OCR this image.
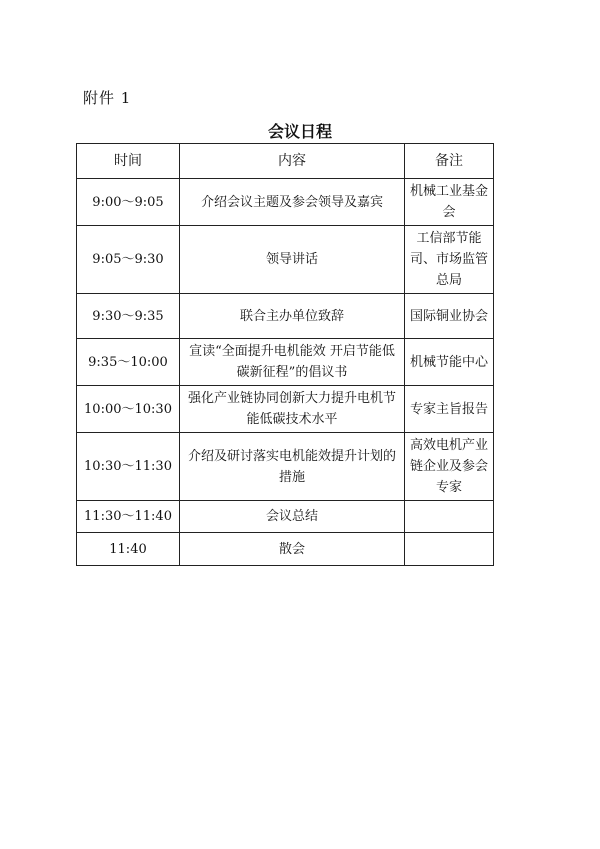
附件 1
会议日程
时间	内容	备注
9:00～9:05	介绍会议主题及参会领导及嘉宾	机械工业基金会
9:05～9:30	领导讲话	工信部节能司、市场监管总局
9:30～9:35	联合主办单位致辞	国际铜业协会
9:35～10:00	宣读“全面提升电机能效 开启节能低碳新征程”的倡议书	机械节能中心
10:00～10:30	强化产业链协同创新大力提升电机节能低碳技术水平	专家主旨报告
10:30～11:30	介绍及研讨落实电机能效提升计划的措施	高效电机产业链企业及参会专家
11:30～11:40	会议总结	
11:40	散会	
